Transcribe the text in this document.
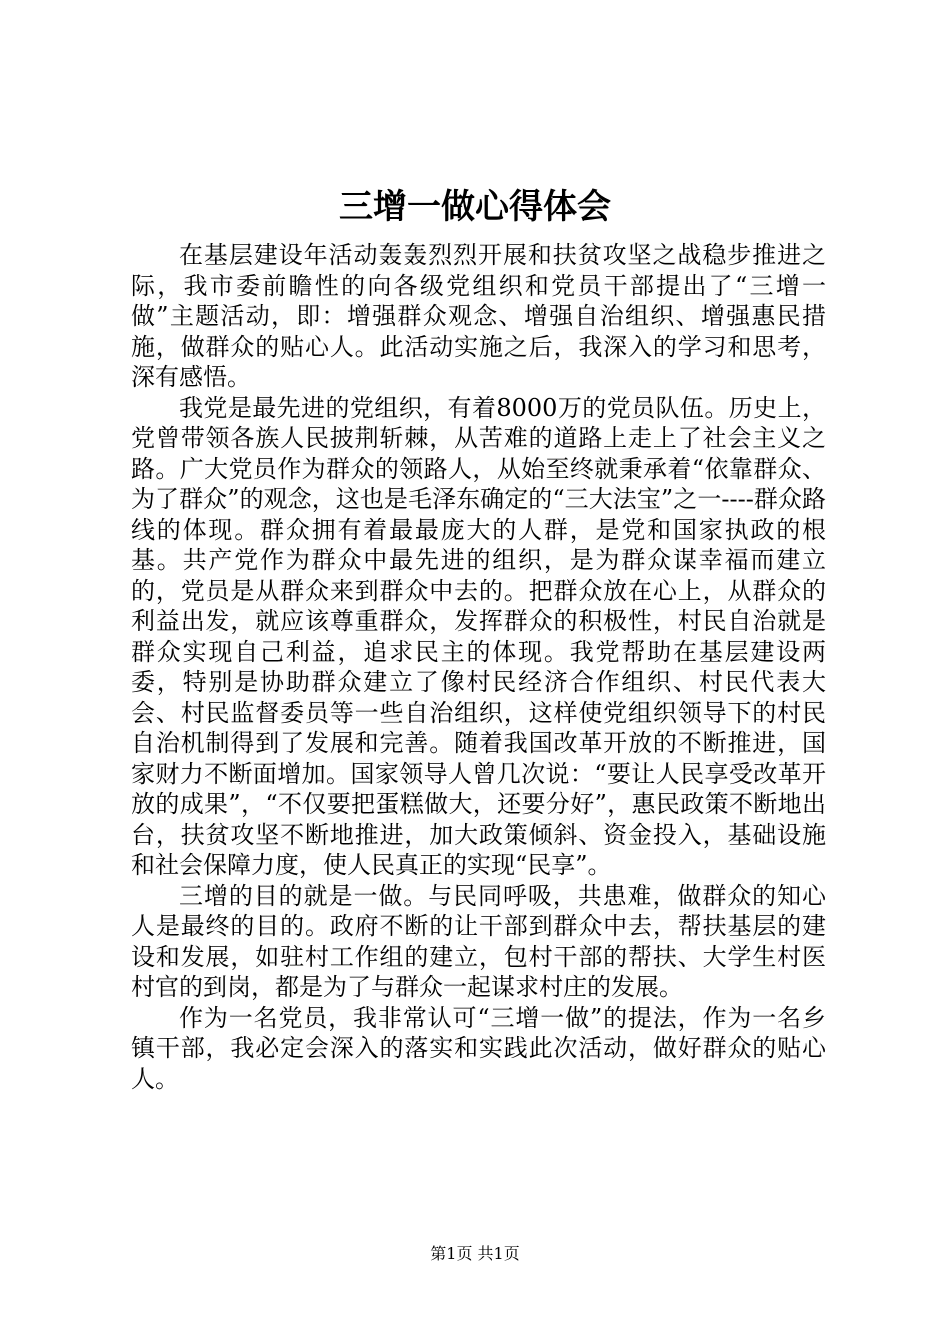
三增一做心得体会

在基层建设年活动轰轰烈烈开展和扶贫攻坚之战稳步推进之际，我市委前瞻性的向各级党组织和党员干部提出了“三增一做”主题活动，即：增强群众观念、增强自治组织、增强惠民措施，做群众的贴心人。此活动实施之后，我深入的学习和思考，深有感悟。

我党是最先进的党组织，有着8000万的党员队伍。历史上，党曾带领各族人民披荆斩棘，从苦难的道路上走上了社会主义之路。广大党员作为群众的领路人，从始至终就秉承着“依靠群众、为了群众”的观念，这也是毛泽东确定的“三大法宝”之一----群众路线的体现。群众拥有着最最庞大的人群，是党和国家执政的根基。共产党作为群众中最先进的组织，是为群众谋幸福而建立的，党员是从群众来到群众中去的。把群众放在心上，从群众的利益出发，就应该尊重群众，发挥群众的积极性，村民自治就是群众实现自己利益，追求民主的体现。我党帮助在基层建设两委，特别是协助群众建立了像村民经济合作组织、村民代表大会、村民监督委员等一些自治组织，这样使党组织领导下的村民自治机制得到了发展和完善。随着我国改革开放的不断推进，国家财力不断面增加。国家领导人曾几次说：“要让人民享受改革开放的成果”，“不仅要把蛋糕做大，还要分好”，惠民政策不断地出台，扶贫攻坚不断地推进，加大政策倾斜、资金投入，基础设施和社会保障力度，使人民真正的实现“民享”。

三增的目的就是一做。与民同呼吸，共患难，做群众的知心人是最终的目的。政府不断的让干部到群众中去，帮扶基层的建设和发展，如驻村工作组的建立，包村干部的帮扶、大学生村医村官的到岗，都是为了与群众一起谋求村庄的发展。

作为一名党员，我非常认可“三增一做”的提法，作为一名乡镇干部，我必定会深入的落实和实践此次活动，做好群众的贴心人。

第1页 共1页
